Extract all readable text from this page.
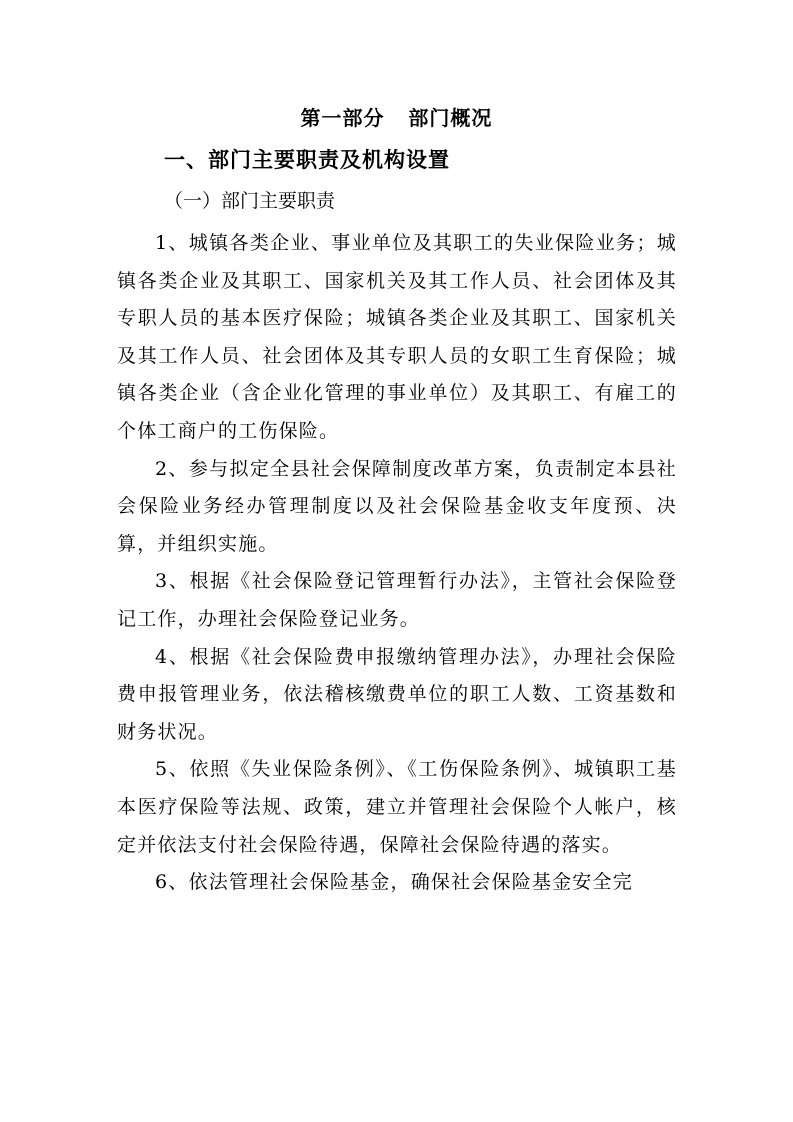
第一部分   部门概况
一、部门主要职责及机构设置
（一）部门主要职责

1、城镇各类企业、事业单位及其职工的失业保险业务；城镇各类企业及其职工、国家机关及其工作人员、社会团体及其专职人员的基本医疗保险；城镇各类企业及其职工、国家机关及其工作人员、社会团体及其专职人员的女职工生育保险；城镇各类企业（含企业化管理的事业单位）及其职工、有雇工的个体工商户的工伤保险。

2、参与拟定全县社会保障制度改革方案，负责制定本县社会保险业务经办管理制度以及社会保险基金收支年度预、决算，并组织实施。

3、根据《社会保险登记管理暂行办法》，主管社会保险登记工作，办理社会保险登记业务。

4、根据《社会保险费申报缴纳管理办法》，办理社会保险费申报管理业务，依法稽核缴费单位的职工人数、工资基数和财务状况。

5、依照《失业保险条例》、《工伤保险条例》、城镇职工基本医疗保险等法规、政策，建立并管理社会保险个人帐户，核定并依法支付社会保险待遇，保障社会保险待遇的落实。

6、依法管理社会保险基金，确保社会保险基金安全完
